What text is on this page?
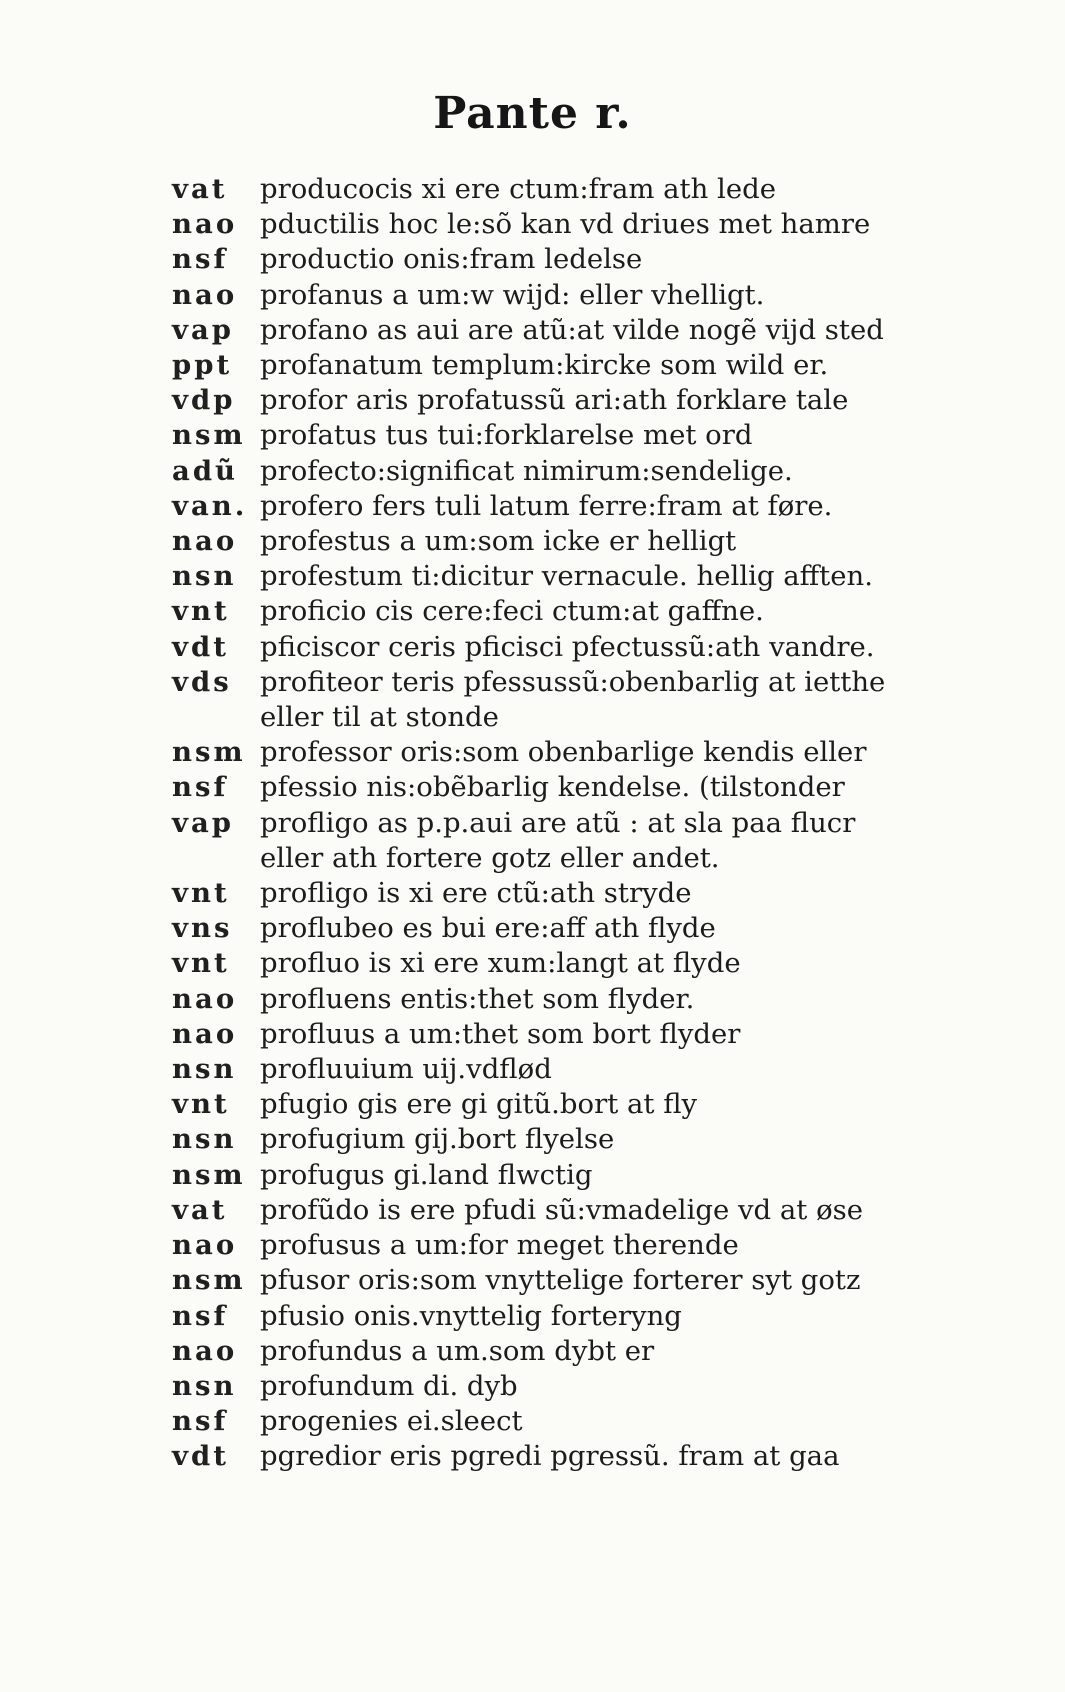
Pante r.
vat	producocis xi ere ctum:fram ath lede
nao pductilis hoc le:sõ kan vd driues met hamre
nsf	productio onis:fram ledelse
nao profanus a um:w wijd: eller vhelligt.
vap profano as aui are atũ:at vilde nogẽ vijd sted
ppt	profanatum templum:kircke som wild er.
vdp profor aris profatussũ ari:ath forklare tale
nsm profatus tus tui:forklarelse met ord
adũ profecto:significat nimirum:sendelige.
van. profero fers tuli latum ferre:fram at føre.
nao profestus a um:som icke er helligt
nsn profestum ti:dicitur vernacule. hellig afften.
vnt	proficio cis cere:feci ctum:at gaffne.
vdt	pficiscor ceris pficisci pfectussũ:ath vandre.
vds	profiteor teris pfessussũ:obenbarlig at ietthe
eller til at stonde
nsm professor oris:som obenbarlige kendis eller
nsf	pfessio nis:obẽbarlig kendelse. (tilstonder
vap profligo as p.p.aui are atũ : at sla paa flucr
eller ath fortere gotz eller andet.
vnt	profligo is xi ere ctũ:ath stryde
vns	proflubeo es bui ere:aff ath flyde
vnt	profluo is xi ere xum:langt at flyde
nao profluens entis:thet som flyder.
nao profluus a um:thet som bort flyder
nsn profluuium uij.vdflød
vnt	pfugio gis ere gi gitũ.bort at fly
nsn profugium gij.bort flyelse
nsm profugus gi.land flwctig
vat	profũdo is ere pfudi sũ:vmadelige vd at øse
nao profusus a um:for meget therende
nsm pfusor oris:som vnyttelige forterer syt gotz
nsf	pfusio onis.vnyttelig forteryng
nao profundus a um.som dybt er
nsn profundum di. dyb
nsf	progenies ei.sleect
vdt	pgredior eris pgredi pgressũ. fram at gaa
